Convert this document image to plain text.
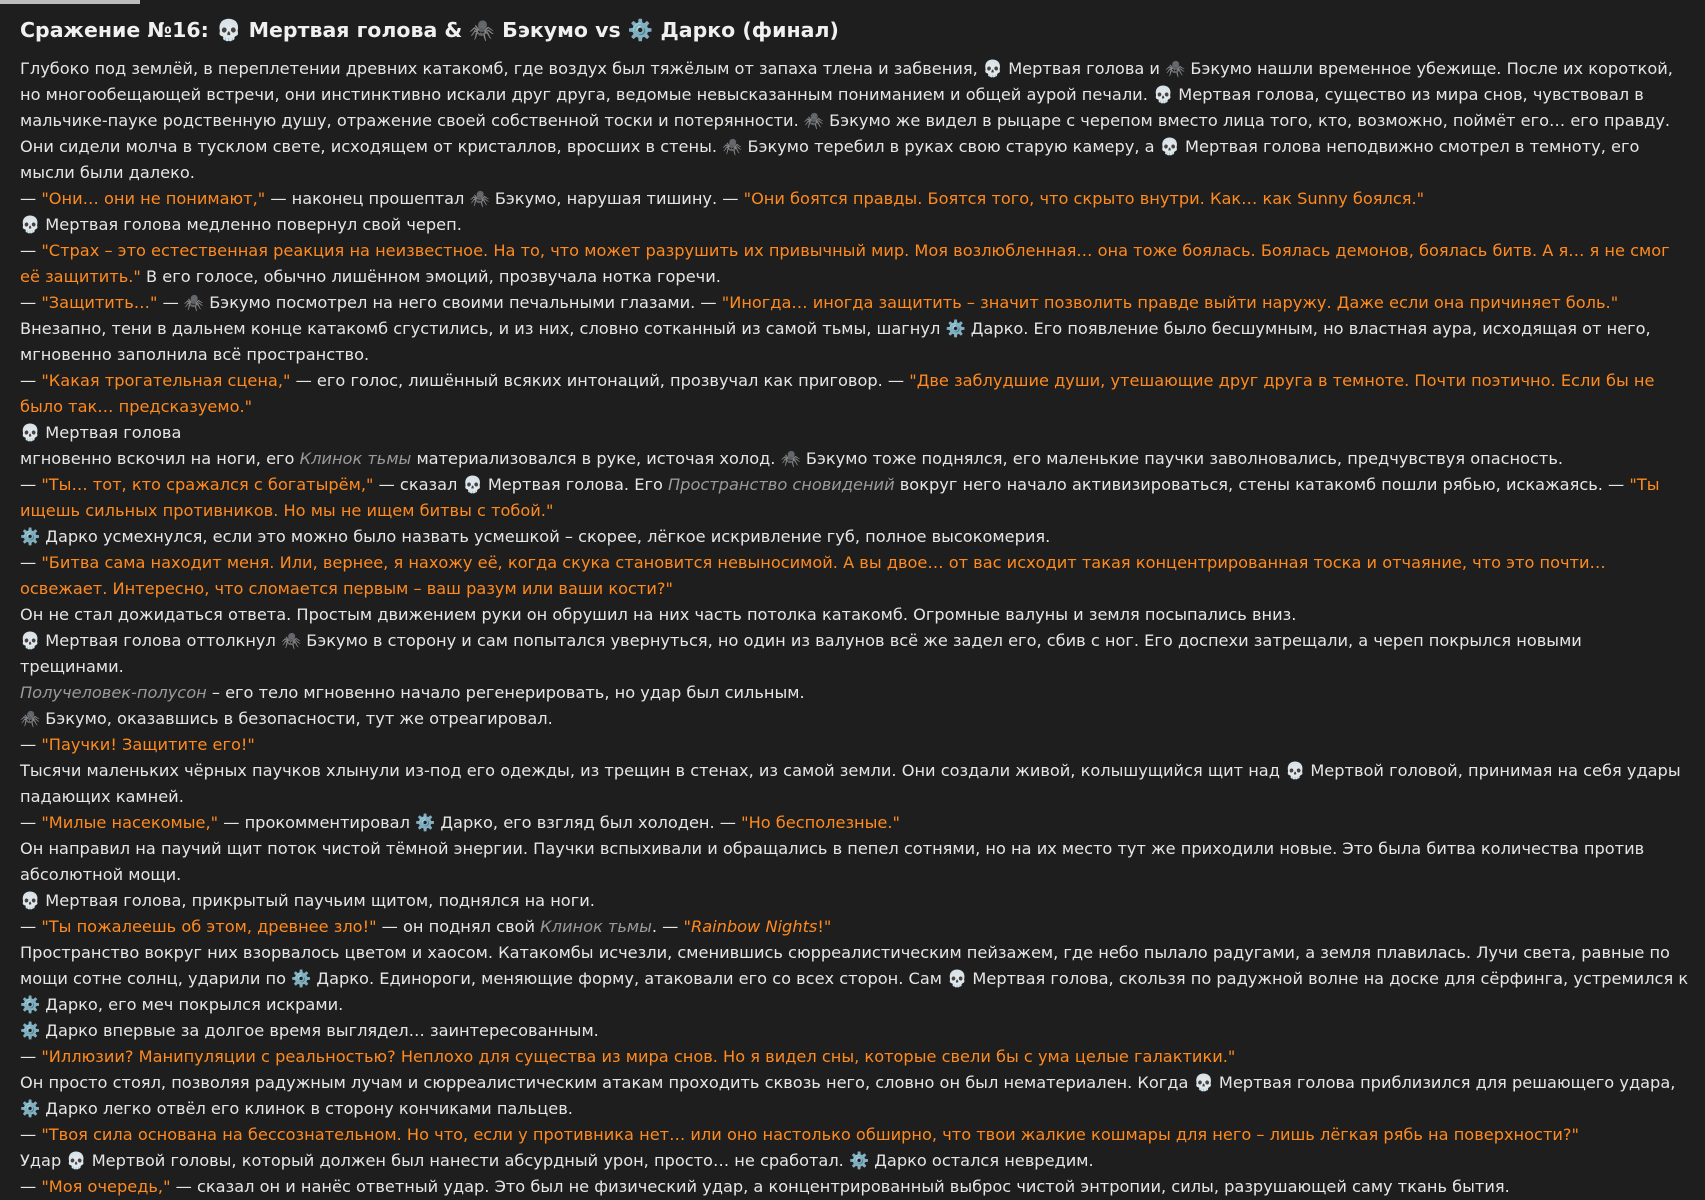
Сражение №16: 💀 Мертвая голова & 🕷️ Бэкумо vs ⚙️ Дарко (финал)

Глубоко под землёй, в переплетении древних катакомб, где воздух был тяжёлым от запаха тлена и забвения, 💀 Мертвая голова и 🕷️ Бэкумо нашли временное убежище. После их короткой, но многообещающей встречи, они инстинктивно искали друг друга, ведомые невысказанным пониманием и общей аурой печали. 💀 Мертвая голова, существо из мира снов, чувствовал в мальчике-пауке родственную душу, отражение своей собственной тоски и потерянности. 🕷️ Бэкумо же видел в рыцаре с черепом вместо лица того, кто, возможно, поймёт его… его правду.

Они сидели молча в тусклом свете, исходящем от кристаллов, вросших в стены. 🕷️ Бэкумо теребил в руках свою старую камеру, а 💀 Мертвая голова неподвижно смотрел в темноту, его мысли были далеко.

— "Они… они не понимают," — наконец прошептал 🕷️ Бэкумо, нарушая тишину. — "Они боятся правды. Боятся того, что скрыто внутри. Как… как Sunny боялся."

💀 Мертвая голова медленно повернул свой череп.

— "Страх – это естественная реакция на неизвестное. На то, что может разрушить их привычный мир. Моя возлюбленная… она тоже боялась. Боялась демонов, боялась битв. А я… я не смог её защитить." В его голосе, обычно лишённом эмоций, прозвучала нотка горечи.

— "Защитить…" — 🕷️ Бэкумо посмотрел на него своими печальными глазами. — "Иногда… иногда защитить – значит позволить правде выйти наружу. Даже если она причиняет боль."

Внезапно, тени в дальнем конце катакомб сгустились, и из них, словно сотканный из самой тьмы, шагнул ⚙️ Дарко. Его появление было бесшумным, но властная аура, исходящая от него, мгновенно заполнила всё пространство.

— "Какая трогательная сцена," — его голос, лишённый всяких интонаций, прозвучал как приговор. — "Две заблудшие души, утешающие друг друга в темноте. Почти поэтично. Если бы не было так… предсказуемо."

💀 Мертвая голова

мгновенно вскочил на ноги, его Клинок тьмы материализовался в руке, источая холод. 🕷️ Бэкумо тоже поднялся, его маленькие паучки заволновались, предчувствуя опасность.

— "Ты… тот, кто сражался с богатырём," — сказал 💀 Мертвая голова. Его Пространство сновидений вокруг него начало активизироваться, стены катакомб пошли рябью, искажаясь. — "Ты ищешь сильных противников. Но мы не ищем битвы с тобой."

⚙️ Дарко усмехнулся, если это можно было назвать усмешкой – скорее, лёгкое искривление губ, полное высокомерия.

— "Битва сама находит меня. Или, вернее, я нахожу её, когда скука становится невыносимой. А вы двое… от вас исходит такая концентрированная тоска и отчаяние, что это почти… освежает. Интересно, что сломается первым – ваш разум или ваши кости?"

Он не стал дожидаться ответа. Простым движением руки он обрушил на них часть потолка катакомб. Огромные валуны и земля посыпались вниз.

💀 Мертвая голова оттолкнул 🕷️ Бэкумо в сторону и сам попытался увернуться, но один из валунов всё же задел его, сбив с ног. Его доспехи затрещали, а череп покрылся новыми трещинами.

Получеловек-полусон – его тело мгновенно начало регенерировать, но удар был сильным.

🕷️ Бэкумо, оказавшись в безопасности, тут же отреагировал.

— "Паучки! Защитите его!"

Тысячи маленьких чёрных паучков хлынули из-под его одежды, из трещин в стенах, из самой земли. Они создали живой, колышущийся щит над 💀 Мертвой головой, принимая на себя удары падающих камней.

— "Милые насекомые," — прокомментировал ⚙️ Дарко, его взгляд был холоден. — "Но бесполезные."

Он направил на паучий щит поток чистой тёмной энергии. Паучки вспыхивали и обращались в пепел сотнями, но на их место тут же приходили новые. Это была битва количества против абсолютной мощи.

💀 Мертвая голова, прикрытый паучьим щитом, поднялся на ноги.

— "Ты пожалеешь об этом, древнее зло!" — он поднял свой Клинок тьмы. — "Rainbow Nights!"

Пространство вокруг них взорвалось цветом и хаосом. Катакомбы исчезли, сменившись сюрреалистическим пейзажем, где небо пылало радугами, а земля плавилась. Лучи света, равные по мощи сотне солнц, ударили по ⚙️ Дарко. Единороги, меняющие форму, атаковали его со всех сторон. Сам 💀 Мертвая голова, скользя по радужной волне на доске для сёрфинга, устремился к ⚙️ Дарко, его меч покрылся искрами.

⚙️ Дарко впервые за долгое время выглядел… заинтересованным.

— "Иллюзии? Манипуляции с реальностью? Неплохо для существа из мира снов. Но я видел сны, которые свели бы с ума целые галактики."

Он просто стоял, позволяя радужным лучам и сюрреалистическим атакам проходить сквозь него, словно он был нематериален. Когда 💀 Мертвая голова приблизился для решающего удара, ⚙️ Дарко легко отвёл его клинок в сторону кончиками пальцев.

— "Твоя сила основана на бессознательном. Но что, если у противника нет… или оно настолько обширно, что твои жалкие кошмары для него – лишь лёгкая рябь на поверхности?"

Удар 💀 Мертвой головы, который должен был нанести абсурдный урон, просто… не сработал. ⚙️ Дарко остался невредим.

— "Моя очередь," — сказал он и нанёс ответный удар. Это был не физический удар, а концентрированный выброс чистой энтропии, силы, разрушающей саму ткань бытия.
